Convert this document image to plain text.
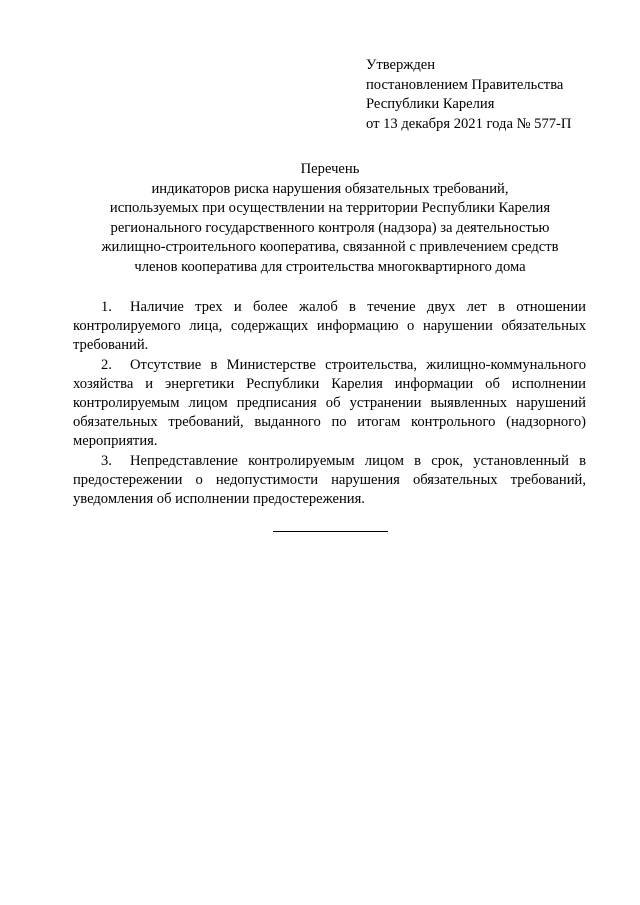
Утвержден
постановлением Правительства
Республики Карелия
от 13 декабря 2021 года № 577-П
Перечень
индикаторов риска нарушения обязательных требований,
используемых при осуществлении на территории Республики Карелия
регионального государственного контроля (надзора) за деятельностью
жилищно-строительного кооператива, связанной с привлечением средств
членов кооператива для строительства многоквартирного дома

1. Наличие трех и более жалоб в течение двух лет в отношении контролируемого лица, содержащих информацию о нарушении обязательных требований.

2. Отсутствие в Министерстве строительства, жилищно-коммунального хозяйства и энергетики Республики Карелия информации об исполнении контролируемым лицом предписания об устранении выявленных нарушений обязательных требований, выданного по итогам контрольного (надзорного) мероприятия.

3. Непредставление контролируемым лицом в срок, установленный в предостережении о недопустимости нарушения обязательных требований, уведомления об исполнении предостережения.
